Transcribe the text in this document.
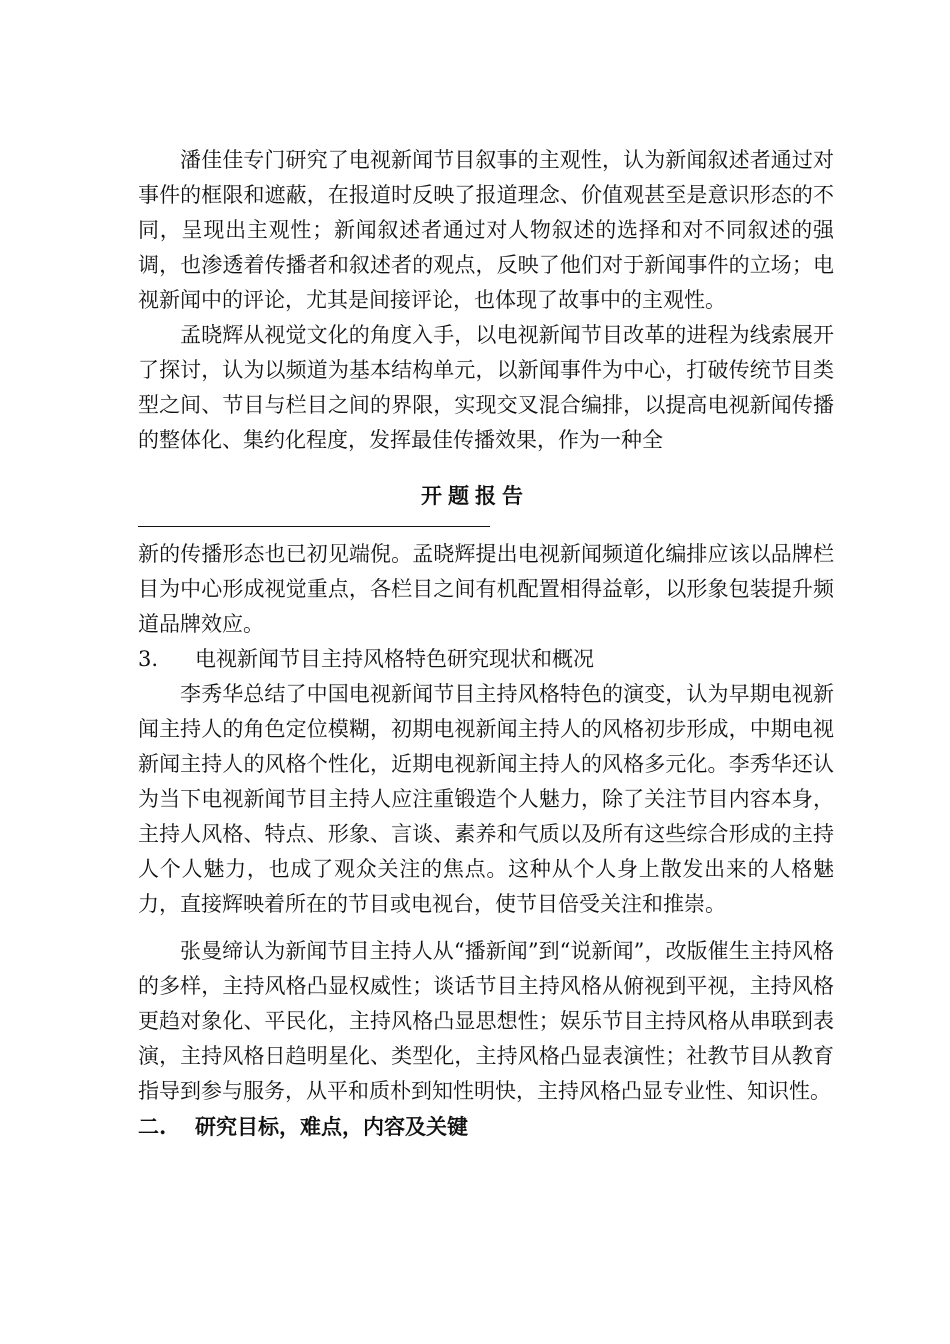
潘佳佳专门研究了电视新闻节目叙事的主观性，认为新闻叙述者通过对事件的框限和遮蔽，在报道时反映了报道理念、价值观甚至是意识形态的不同，呈现出主观性；新闻叙述者通过对人物叙述的选择和对不同叙述的强调，也渗透着传播者和叙述者的观点，反映了他们对于新闻事件的立场；电视新闻中的评论，尤其是间接评论，也体现了故事中的主观性。

孟晓辉从视觉文化的角度入手，以电视新闻节目改革的进程为线索展开了探讨，认为以频道为基本结构单元，以新闻事件为中心，打破传统节目类型之间、节目与栏目之间的界限，实现交叉混合编排，以提高电视新闻传播的整体化、集约化程度，发挥最佳传播效果，作为一种全

开题报告

新的传播形态也已初见端倪。孟晓辉提出电视新闻频道化编排应该以品牌栏目为中心形成视觉重点，各栏目之间有机配置相得益彰，以形象包装提升频道品牌效应。

3. 电视新闻节目主持风格特色研究现状和概况

李秀华总结了中国电视新闻节目主持风格特色的演变，认为早期电视新闻主持人的角色定位模糊，初期电视新闻主持人的风格初步形成，中期电视新闻主持人的风格个性化，近期电视新闻主持人的风格多元化。李秀华还认为当下电视新闻节目主持人应注重锻造个人魅力，除了关注节目内容本身，主持人风格、特点、形象、言谈、素养和气质以及所有这些综合形成的主持人个人魅力，也成了观众关注的焦点。这种从个人身上散发出来的人格魅力，直接辉映着所在的节目或电视台，使节目倍受关注和推崇。

张曼缔认为新闻节目主持人从“播新闻”到“说新闻”，改版催生主持风格的多样，主持风格凸显权威性；谈话节目主持风格从俯视到平视，主持风格更趋对象化、平民化，主持风格凸显思想性；娱乐节目主持风格从串联到表演，主持风格日趋明星化、类型化，主持风格凸显表演性；社教节目从教育指导到参与服务，从平和质朴到知性明快，主持风格凸显专业性、知识性。

二. 研究目标，难点，内容及关键
